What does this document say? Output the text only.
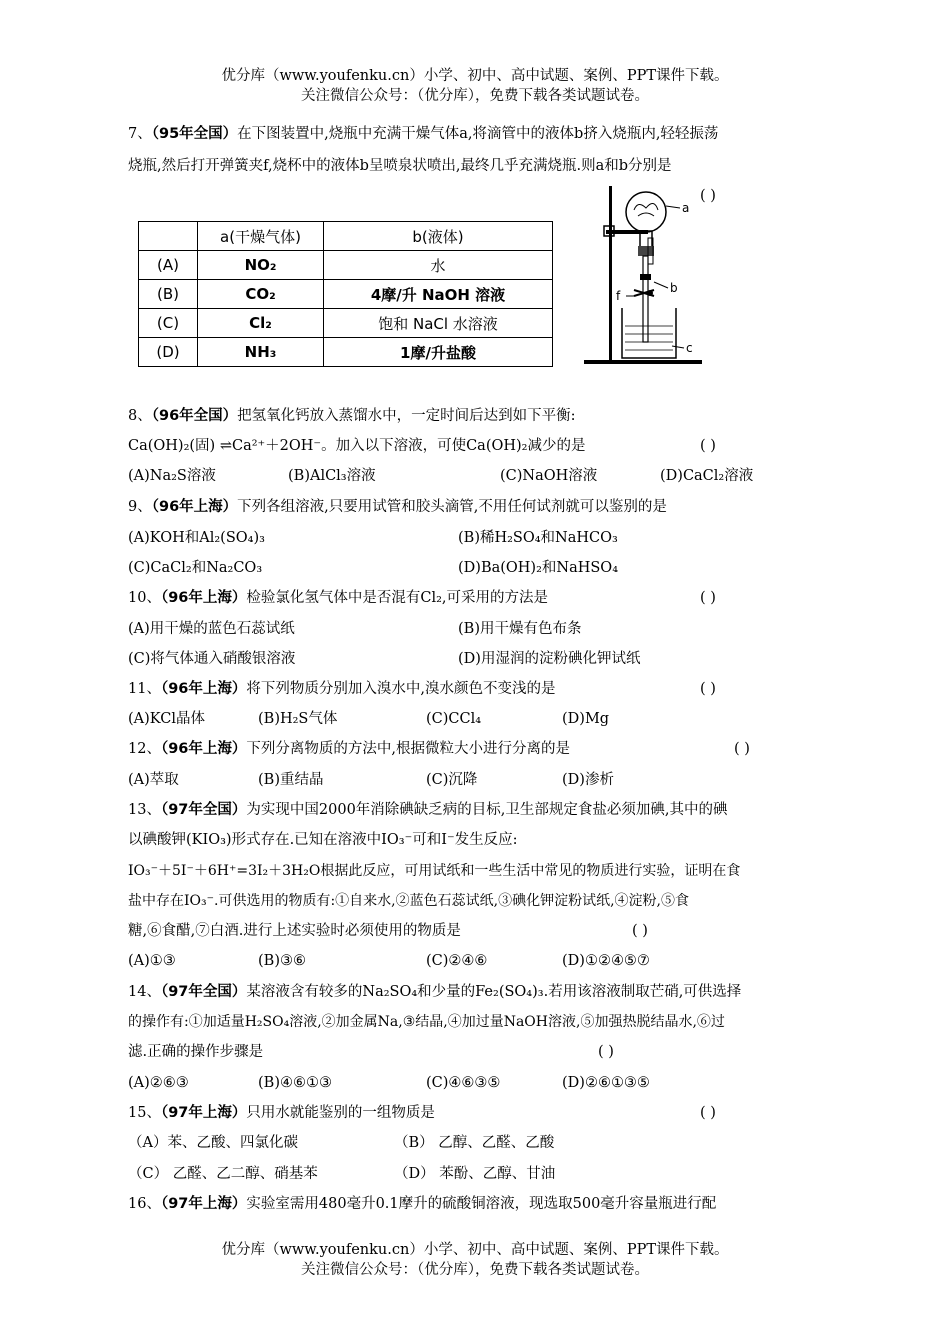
优分库（www.youfenku.cn）小学、初中、高中试题、案例、PPT课件下载。
关注微信公众号：（优分库），免费下载各类试题试卷。
7、（95年全国）在下图装置中,烧瓶中充满干燥气体a,将滴管中的液体b挤入烧瓶内,轻轻振荡
烧瓶,然后打开弹簧夹f,烧杯中的液体b呈喷泉状喷出,最终几乎充满烧瓶.则a和b分别是
( )
	a(干燥气体)	b(液体)
(A)	NO₂	水
(B)	CO₂	4摩/升 NaOH 溶液
(C)	Cl₂	饱和 NaCl 水溶液
(D)	NH₃	1摩/升盐酸
a
b
f
c
8、（96年全国）把氢氧化钙放入蒸馏水中，一定时间后达到如下平衡:
Ca(OH)₂(固) ⇌Ca²⁺＋2OH⁻。加入以下溶液，可使Ca(OH)₂减少的是	( )
(A)Na₂S溶液	(B)AlCl₃溶液	(C)NaOH溶液	(D)CaCl₂溶液
9、（96年上海）下列各组溶液,只要用试管和胶头滴管,不用任何试剂就可以鉴别的是
(A)KOH和Al₂(SO₄)₃	(B)稀H₂SO₄和NaHCO₃
(C)CaCl₂和Na₂CO₃	(D)Ba(OH)₂和NaHSO₄
10、（96年上海）检验氯化氢气体中是否混有Cl₂,可采用的方法是	( )
(A)用干燥的蓝色石蕊试纸	(B)用干燥有色布条
(C)将气体通入硝酸银溶液	(D)用湿润的淀粉碘化钾试纸
11、（96年上海）将下列物质分别加入溴水中,溴水颜色不变浅的是	( )
(A)KCl晶体	(B)H₂S气体	(C)CCl₄	(D)Mg
12、（96年上海）下列分离物质的方法中,根据微粒大小进行分离的是	( )
(A)萃取	(B)重结晶	(C)沉降	(D)渗析
13、（97年全国）为实现中国2000年消除碘缺乏病的目标,卫生部规定食盐必须加碘,其中的碘
以碘酸钾(KIO₃)形式存在.已知在溶液中IO₃⁻可和I⁻发生反应:
IO₃⁻＋5I⁻＋6H⁺=3I₂＋3H₂O根据此反应，可用试纸和一些生活中常见的物质进行实验，证明在食
盐中存在IO₃⁻.可供选用的物质有:①自来水,②蓝色石蕊试纸,③碘化钾淀粉试纸,④淀粉,⑤食
糖,⑥食醋,⑦白酒.进行上述实验时必须使用的物质是	( )
(A)①③	(B)③⑥	(C)②④⑥	(D)①②④⑤⑦
14、（97年全国）某溶液含有较多的Na₂SO₄和少量的Fe₂(SO₄)₃.若用该溶液制取芒硝,可供选择
的操作有:①加适量H₂SO₄溶液,②加金属Na,③结晶,④加过量NaOH溶液,⑤加强热脱结晶水,⑥过
滤.正确的操作步骤是	( )
(A)②⑥③	(B)④⑥①③	(C)④⑥③⑤	(D)②⑥①③⑤
15、（97年上海）只用水就能鉴别的一组物质是	( )
（A）苯、乙酸、四氯化碳	（B） 乙醇、乙醛、乙酸
（C） 乙醛、乙二醇、硝基苯	（D） 苯酚、乙醇、甘油
16、（97年上海）实验室需用480毫升0.1摩升的硫酸铜溶液，现选取500毫升容量瓶进行配
优分库（www.youfenku.cn）小学、初中、高中试题、案例、PPT课件下载。
关注微信公众号：（优分库），免费下载各类试题试卷。
